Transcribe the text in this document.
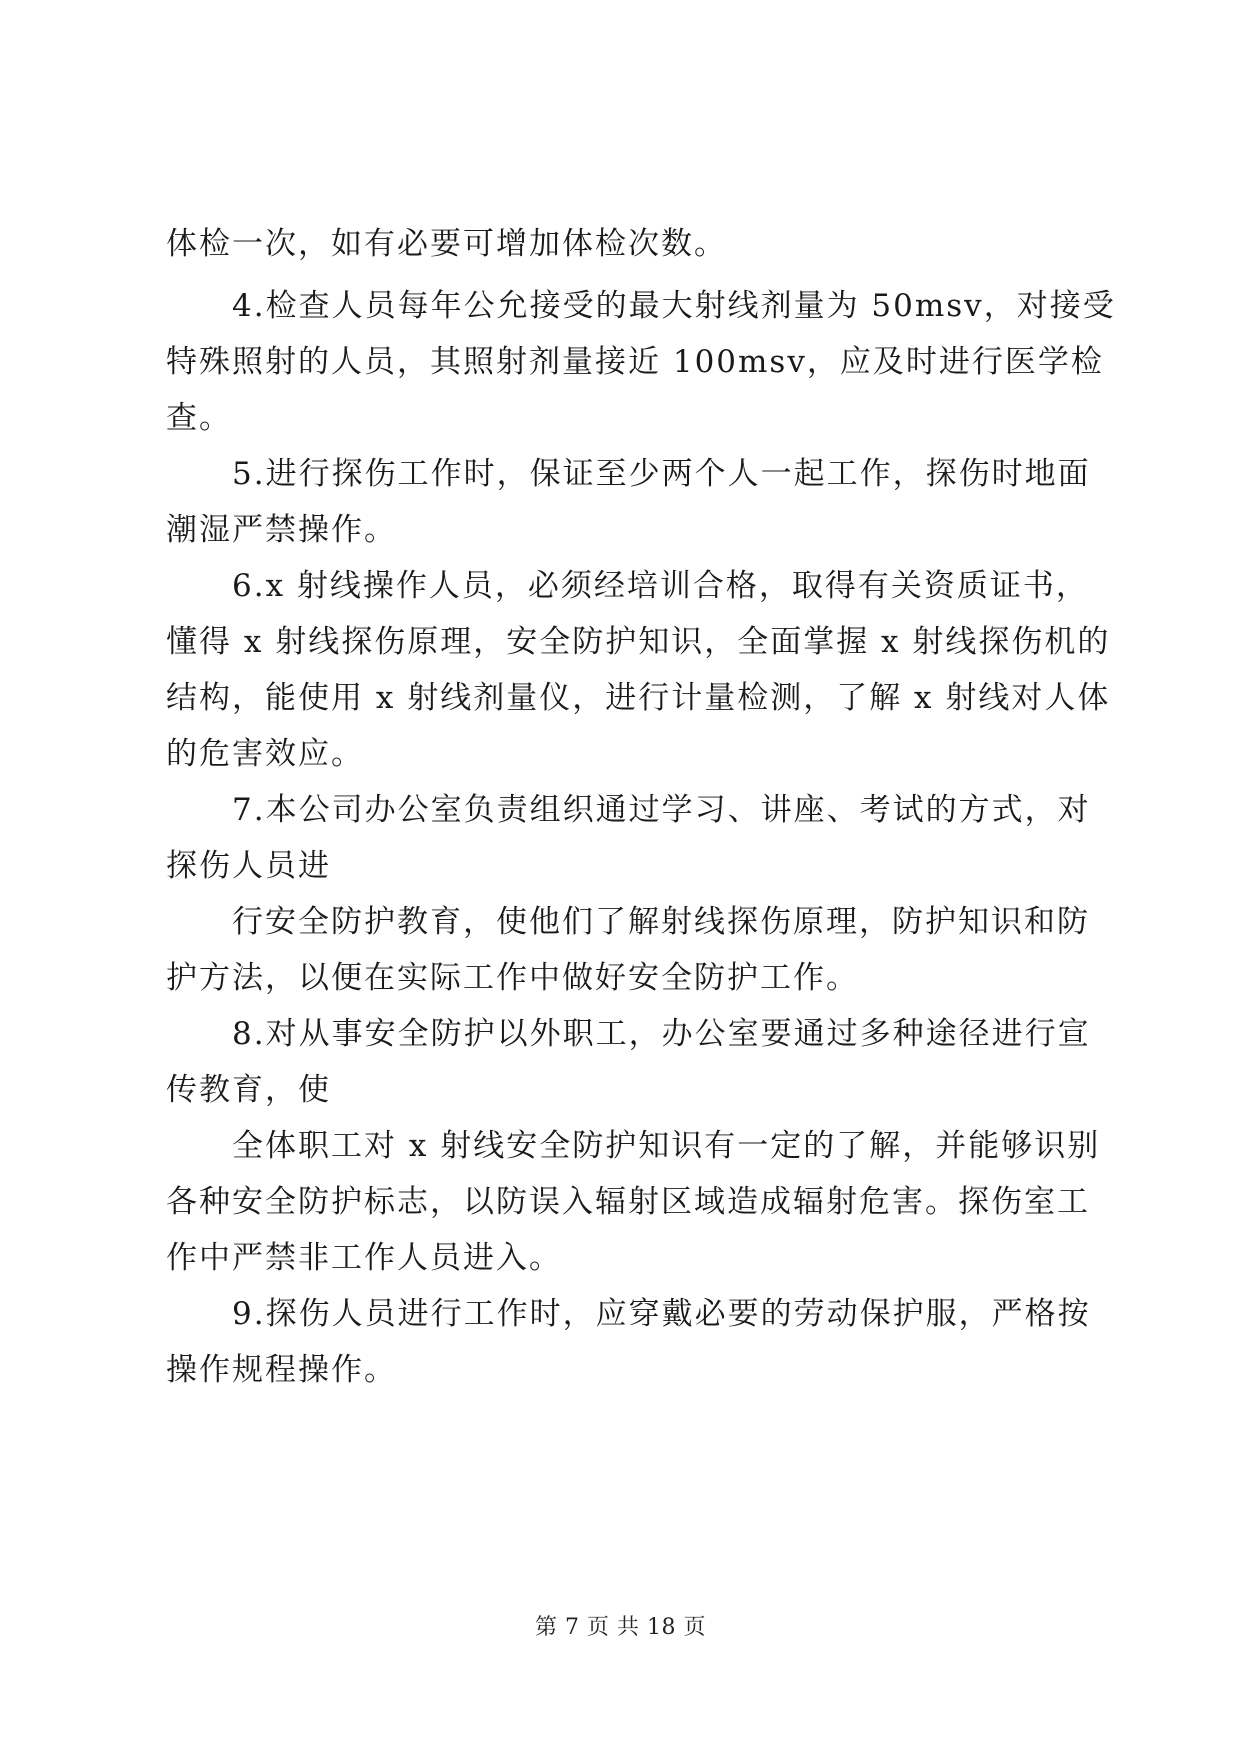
体检一次，如有必要可增加体检次数。
4.检查人员每年公允接受的最大射线剂量为 50msv，对接受
特殊照射的人员，其照射剂量接近 100msv，应及时进行医学检
查。
5.进行探伤工作时，保证至少两个人一起工作，探伤时地面
潮湿严禁操作。
6.x 射线操作人员，必须经培训合格，取得有关资质证书，
懂得 x 射线探伤原理，安全防护知识，全面掌握 x 射线探伤机的
结构，能使用 x 射线剂量仪，进行计量检测，了解 x 射线对人体
的危害效应。
7.本公司办公室负责组织通过学习、讲座、考试的方式，对
探伤人员进
行安全防护教育，使他们了解射线探伤原理，防护知识和防
护方法，以便在实际工作中做好安全防护工作。
8.对从事安全防护以外职工，办公室要通过多种途径进行宣
传教育，使
全体职工对 x 射线安全防护知识有一定的了解，并能够识别
各种安全防护标志，以防误入辐射区域造成辐射危害。探伤室工
作中严禁非工作人员进入。
9.探伤人员进行工作时，应穿戴必要的劳动保护服，严格按
操作规程操作。
第 7 页 共 18 页
